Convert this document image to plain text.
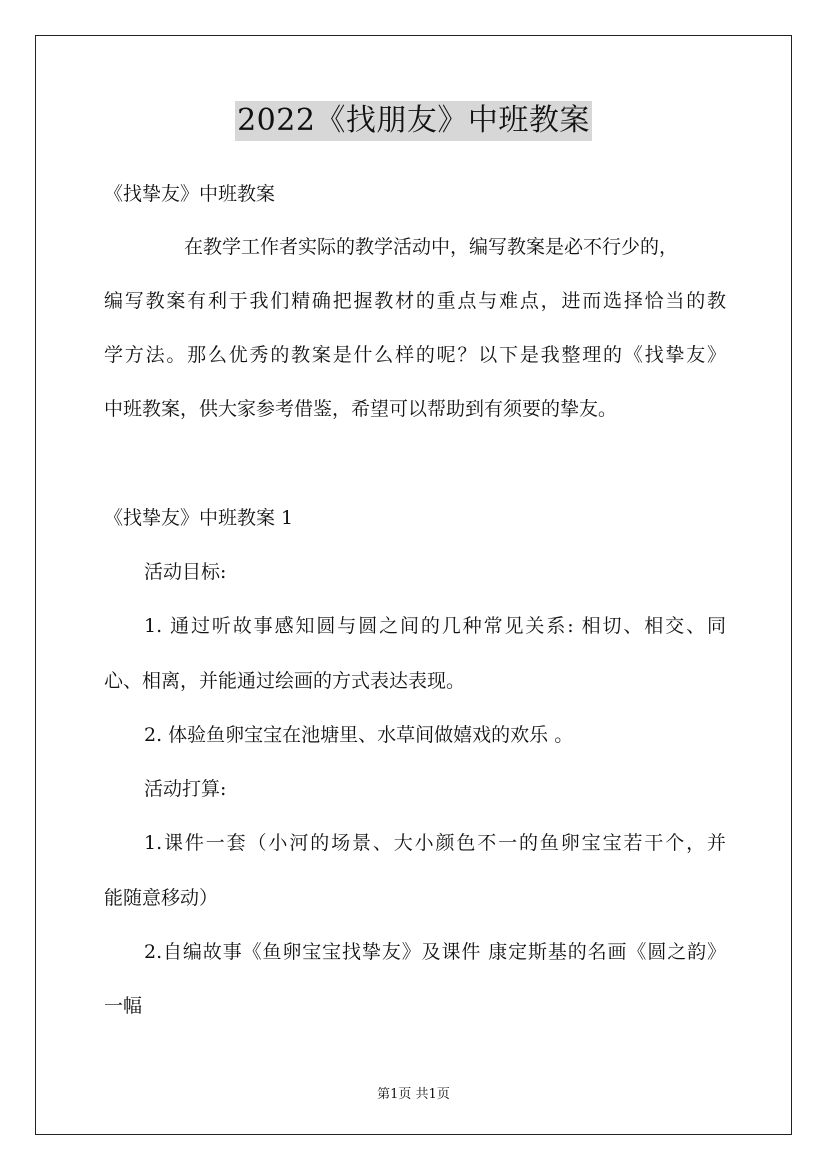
2022《找朋友》中班教案
《找挚友》中班教案
在教学工作者实际的教学活动中，编写教案是必不行少的，
编写教案有利于我们精确把握教材的重点与难点，进而选择恰当的教
学方法。那么优秀的教案是什么样的呢？以下是我整理的《找挚友》
中班教案，供大家参考借鉴，希望可以帮助到有须要的挚友。
《找挚友》中班教案 1
活动目标:
1. 通过听故事感知圆与圆之间的几种常见关系: 相切、相交、同
心、相离，并能通过绘画的方式表达表现。
2. 体验鱼卵宝宝在池塘里、水草间做嬉戏的欢乐 。
活动打算:
1.课件一套（小河的场景、大小颜色不一的鱼卵宝宝若干个，并
能随意移动）
2.自编故事《鱼卵宝宝找挚友》及课件 康定斯基的名画《圆之韵》
一幅
第1页 共1页
